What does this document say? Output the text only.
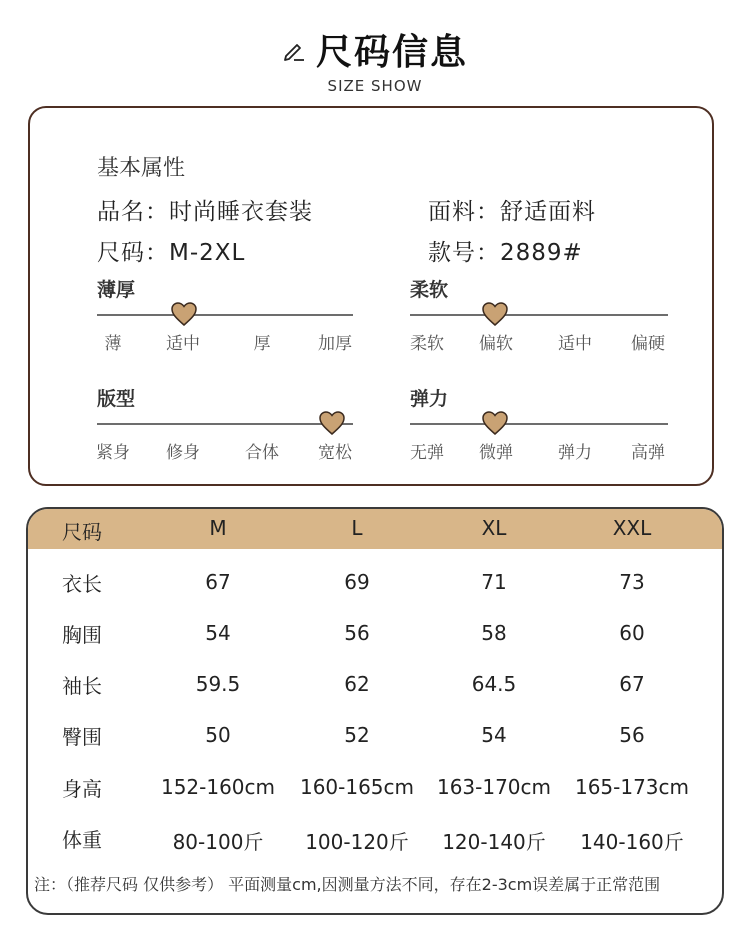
尺码信息
SIZE SHOW
基本属性
品名：时尚睡衣套装	面料：舒适面料
尺码：M-2XL	款号：2889#
薄厚
薄	适中	厚	加厚
柔软
柔软	偏软	适中	偏硬
版型
紧身	修身	合体	宽松
弹力
无弹	微弹	弹力	高弹
尺码	M	L	XL	XXL
衣长	67	69	71	73
胸围	54	56	58	60
袖长	59.5	62	64.5	67
臀围	50	52	54	56
身高	152-160cm	160-165cm	163-170cm	165-173cm
体重	80-100斤	100-120斤	120-140斤	140-160斤
注：（推荐尺码 仅供参考） 平面测量cm,因测量方法不同，存在2-3cm误差属于正常范围
